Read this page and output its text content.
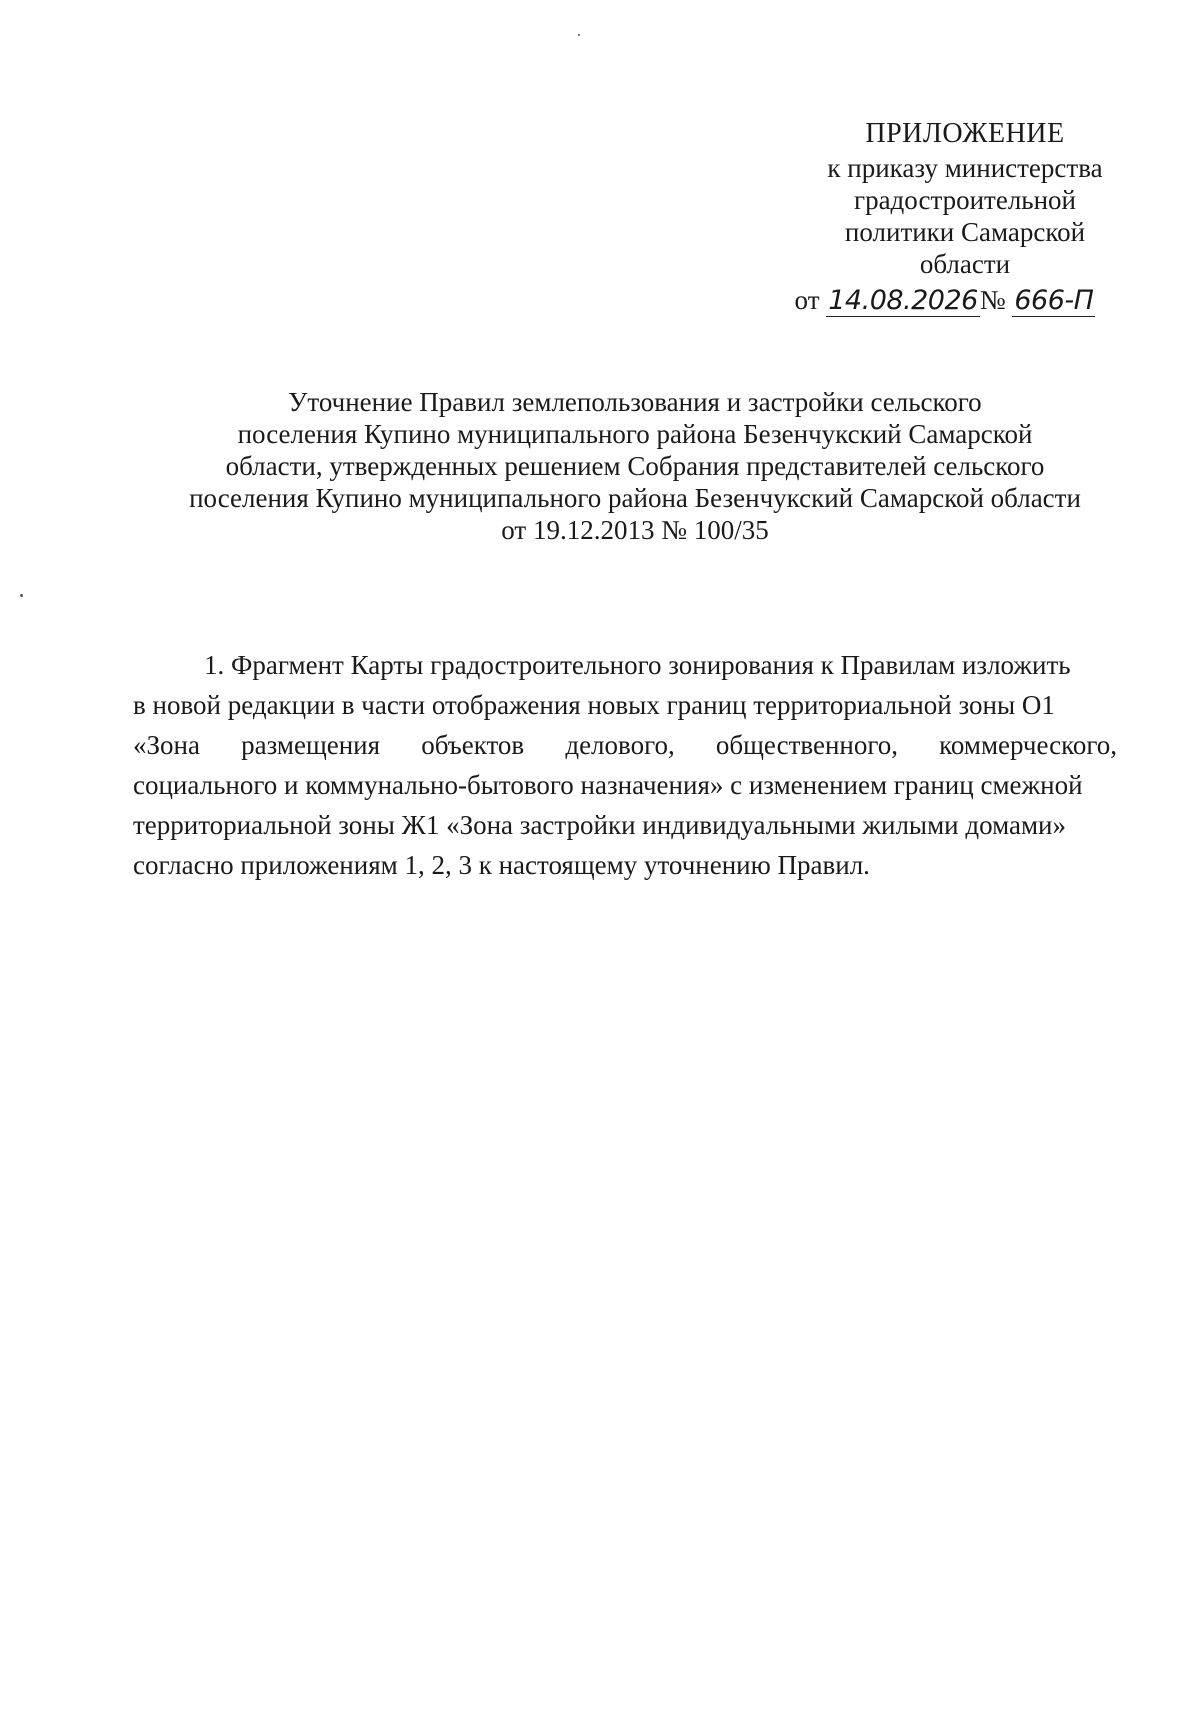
ПРИЛОЖЕНИЕ
к приказу министерства
градостроительной
политики Самарской
области
от 14.08.2026№ 666-П
Уточнение Правил землепользования и застройки сельского
поселения Купино муниципального района Безенчукский Самарской
области, утвержденных решением Собрания представителей сельского
поселения Купино муниципального района Безенчукский Самарской области
от 19.12.2013 № 100/35
1. Фрагмент Карты градостроительного зонирования к Правилам изложить
в новой редакции в части отображения новых границ территориальной зоны О1
«Зона размещения объектов делового, общественного, коммерческого,
социального и коммунально-бытового назначения» с изменением границ смежной
территориальной зоны Ж1 «Зона застройки индивидуальными жилыми домами»
согласно приложениям 1, 2, 3 к настоящему уточнению Правил.
